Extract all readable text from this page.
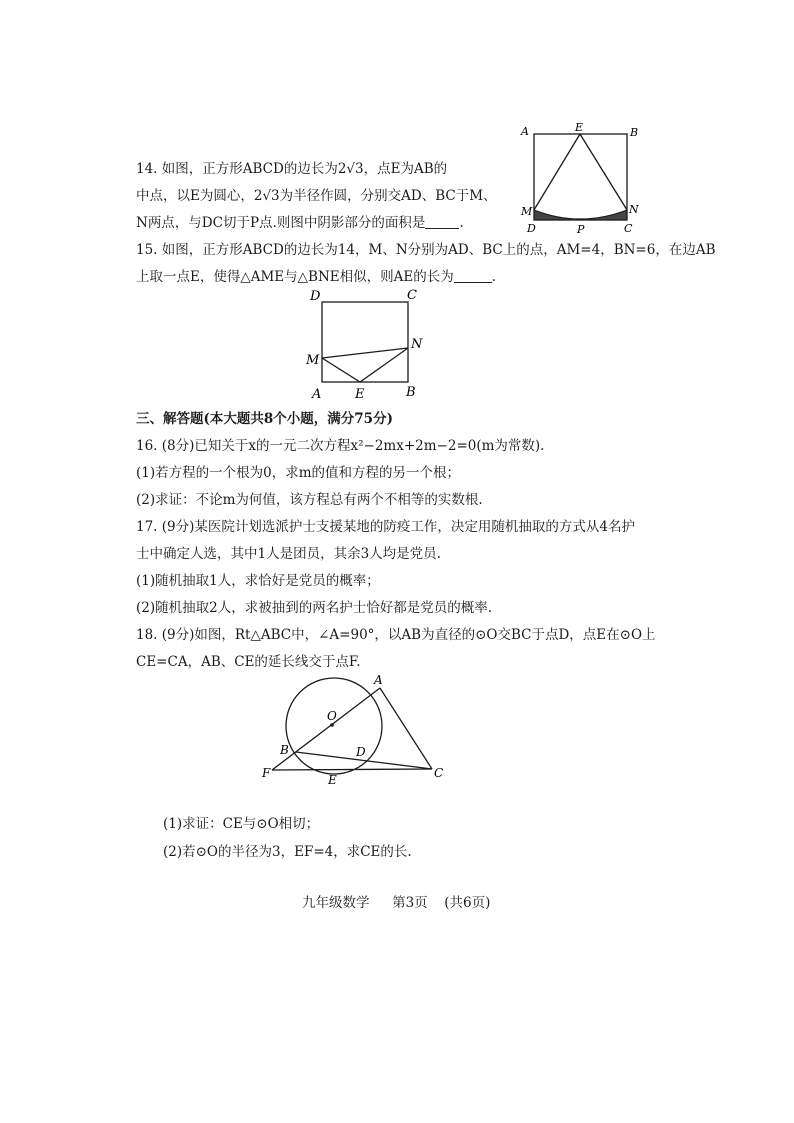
14. 如图，正方形ABCD的边长为2√3，点E为AB的
中点，以E为圆心，2√3为半径作圆，分别交AD、BC于M、
N两点，与DC切于P点.则图中阴影部分的面积是	.
A	E	B
M	N
D	P	C
15. 如图，正方形ABCD的边长为14，M、N分别为AD、BC上的点，AM=4，BN=6，在边AB
上取一点E，使得△AME与△BNE相似，则AE的长为	.
D	C
M
N
A	E	B
三、解答题(本大题共8个小题，满分75分)
16. (8分)已知关于x的一元二次方程x²−2mx+2m−2=0(m为常数).
(1)若方程的一个根为0，求m的值和方程的另一个根；
(2)求证：不论m为何值，该方程总有两个不相等的实数根.
17. (9分)某医院计划选派护士支援某地的防疫工作，决定用随机抽取的方式从4名护
士中确定人选，其中1人是团员，其余3人均是党员.
(1)随机抽取1人，求恰好是党员的概率；
(2)随机抽取2人，求被抽到的两名护士恰好都是党员的概率.
18. (9分)如图，Rt△ABC中，∠A=90°，以AB为直径的⊙O交BC于点D，点E在⊙O上
CE=CA，AB、CE的延长线交于点F.
A
O
B	D
F	E	C
(1)求证：CE与⊙O相切；
(2)若⊙O的半径为3，EF=4，求CE的长.
九年级数学 第3页 (共6页)
